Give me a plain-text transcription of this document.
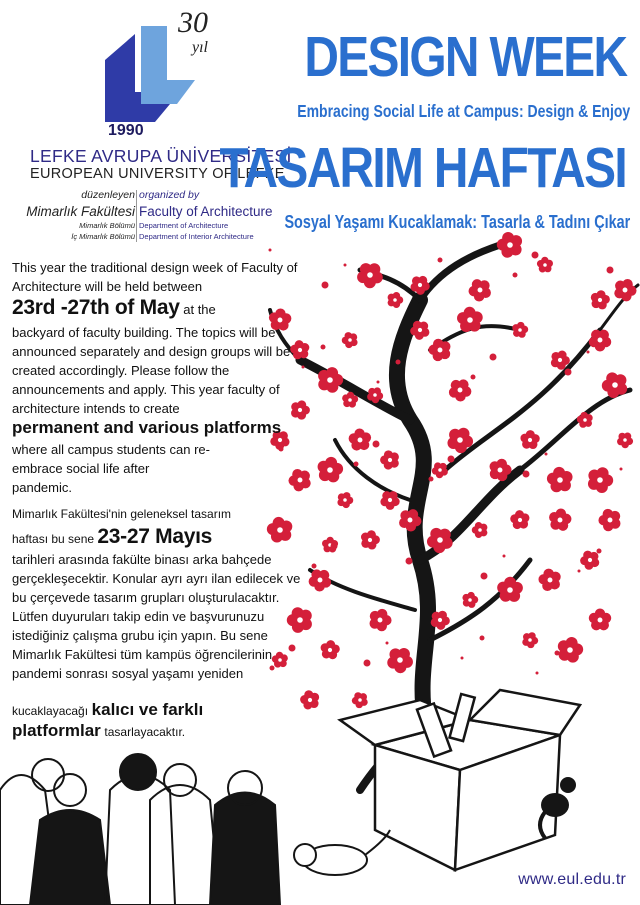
30
yıl
1990
LEFKE AVRUPA ÜNİVERSİTESİ
EUROPEAN UNIVERSITY OF LEFKE
düzenleyen organized by
Mimarlık Fakültesi Faculty of Architecture
Mimarlık Bölümü Department of Architecture
İç Mimarlık Bölümü Department of Interior Architecture
DESIGN WEEK
Embracing Social Life at Campus: Design & Enjoy
TASARIM HAFTASI
Sosyal Yaşamı Kucaklamak: Tasarla & Tadını Çıkar
This year the traditional design week of Faculty of Architecture will be held between
23rd -27th of May at the
backyard of faculty building. The topics will be announced separately and design groups will be created accordingly. Please follow the announcements and apply. This year faculty of architecture intends to create
permanent and various platforms
where all campus students can re-embrace social life after pandemic.
Mimarlık Fakültesi'nin geleneksel tasarım
haftası bu sene 23-27 Mayıs
tarihleri arasında fakülte binası arka bahçede gerçekleşecektir. Konular ayrı ayrı ilan edilecek ve bu çerçevede tasarım grupları oluşturulacaktır. Lütfen duyuruları takip edin ve başvurunuzu istediğiniz çalışma grubu için yapın. Bu sene Mimarlık Fakültesi tüm kampüs öğrencilerinin pandemi sonrası sosyal yaşamı yeniden
kucaklayacağı kalıcı ve farklı
platformlar tasarlayacaktır.
www.eul.edu.tr
